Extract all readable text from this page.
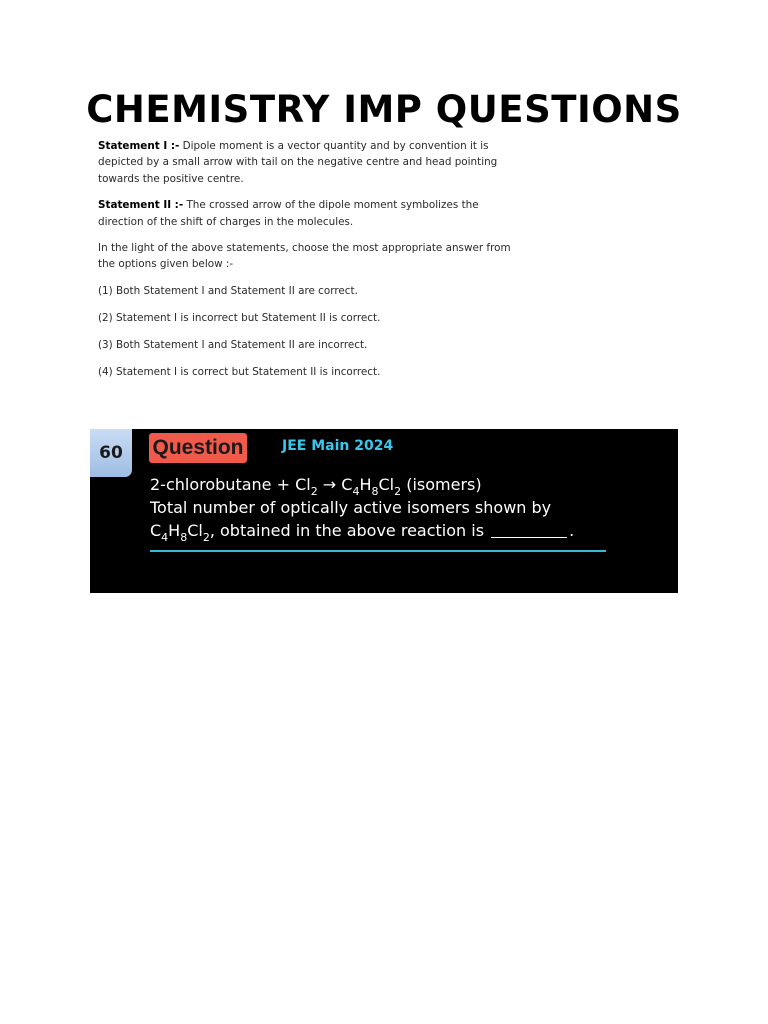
CHEMISTRY IMP QUESTIONS

Statement I :- Dipole moment is a vector quantity and by convention it is depicted by a small arrow with tail on the negative centre and head pointing towards the positive centre.

Statement II :- The crossed arrow of the dipole moment symbolizes the direction of the shift of charges in the molecules.

In the light of the above statements, choose the most appropriate answer from the options given below :-

(1) Both Statement I and Statement II are correct.

(2) Statement I is incorrect but Statement II is correct.

(3) Both Statement I and Statement II are incorrect.

(4) Statement I is correct but Statement II is incorrect.

60	Question	JEE Main 2024
2-chlorobutane + $Cl_2 \to C_4H_8Cl_2$ (isomers)
Total number of optically active isomers shown by
$C_4H_8Cl_2$, obtained in the above reaction is	.
